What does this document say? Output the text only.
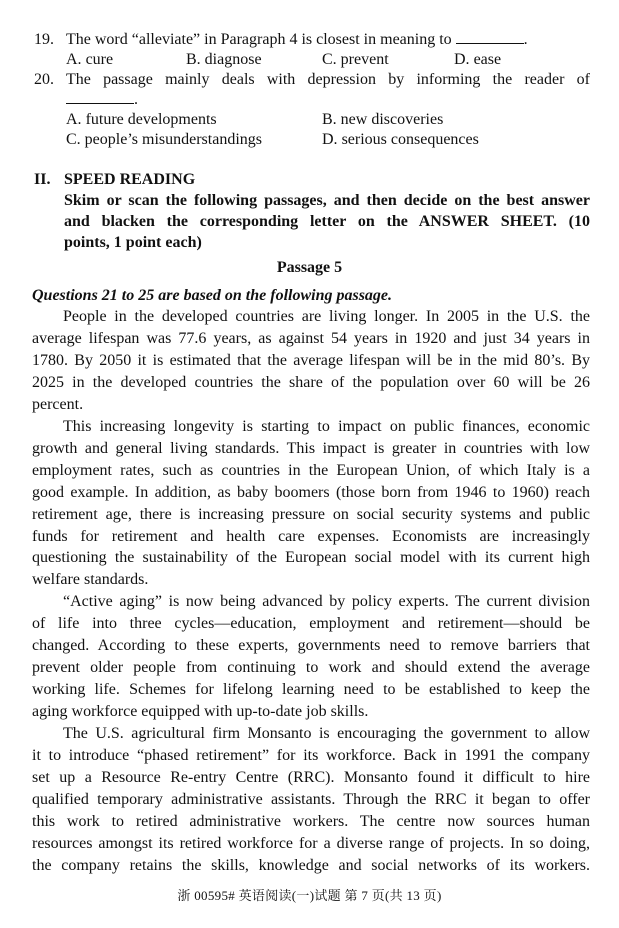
19. The word “alleviate” in Paragraph 4 is closest in meaning to	.
A. cure	B. diagnose	C. prevent	D. ease
20. The passage mainly deals with depression by informing the reader of
.
A. future developments	B. new discoveries
C. people’s misunderstandings	D. serious consequences
II. SPEED READING
Skim or scan the following passages, and then decide on the best answer
and blacken the corresponding letter on the ANSWER SHEET. (10
points, 1 point each)
Passage 5
Questions 21 to 25 are based on the following passage.
People in the developed countries are living longer. In 2005 in the U.S. the
average lifespan was 77.6 years, as against 54 years in 1920 and just 34 years in
1780. By 2050 it is estimated that the average lifespan will be in the mid 80’s. By
2025 in the developed countries the share of the population over 60 will be 26
percent.
This increasing longevity is starting to impact on public finances, economic
growth and general living standards. This impact is greater in countries with low
employment rates, such as countries in the European Union, of which Italy is a
good example. In addition, as baby boomers (those born from 1946 to 1960) reach
retirement age, there is increasing pressure on social security systems and public
funds for retirement and health care expenses. Economists are increasingly
questioning the sustainability of the European social model with its current high
welfare standards.
“Active aging” is now being advanced by policy experts. The current division
of life into three cycles—education, employment and retirement—should be
changed. According to these experts, governments need to remove barriers that
prevent older people from continuing to work and should extend the average
working life. Schemes for lifelong learning need to be established to keep the
aging workforce equipped with up-to-date job skills.
The U.S. agricultural firm Monsanto is encouraging the government to allow
it to introduce “phased retirement” for its workforce. Back in 1991 the company
set up a Resource Re-entry Centre (RRC). Monsanto found it difficult to hire
qualified temporary administrative assistants. Through the RRC it began to offer
this work to retired administrative workers. The centre now sources human
resources amongst its retired workforce for a diverse range of projects. In so doing,
the company retains the skills, knowledge and social networks of its workers.
浙 00595# 英语阅读(一)试题 第 7 页(共 13 页)
